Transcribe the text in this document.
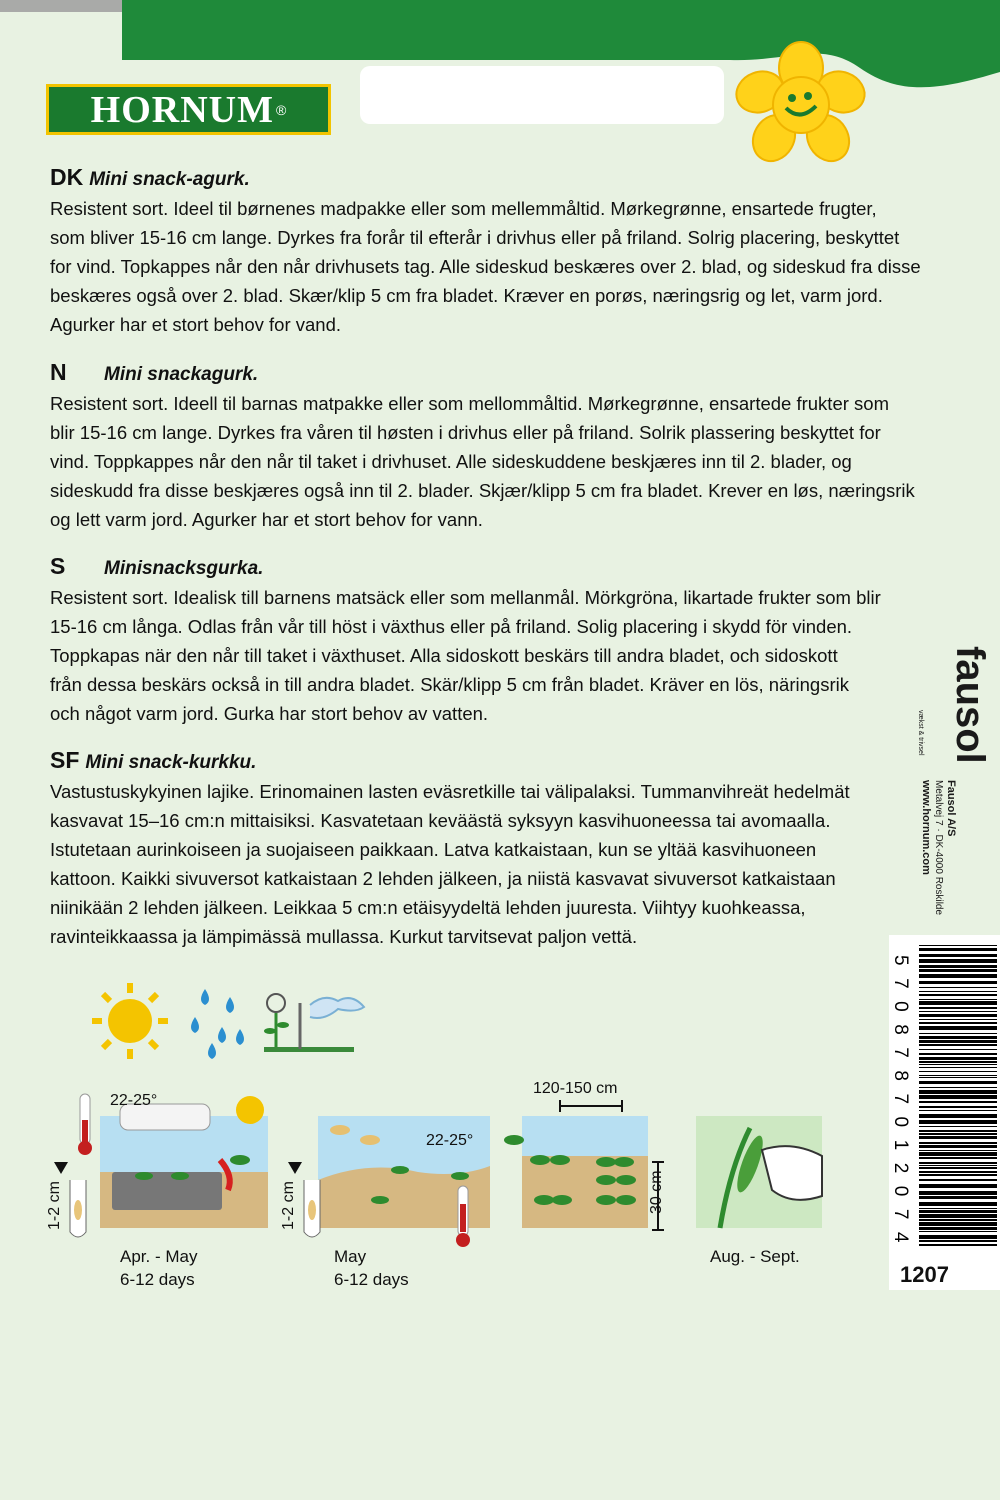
HORNUM ®
DK Mini snack-agurk.

Resistent sort. Ideel til børnenes madpakke eller som mellemmåltid. Mørkegrønne, ensartede frugter,
som bliver 15-16 cm lange. Dyrkes fra forår til efterår i drivhus eller på friland. Solrig placering, beskyttet
for vind. Topkappes når den når drivhusets tag. Alle sideskud beskæres over 2. blad, og sideskud fra disse
beskæres også over 2. blad. Skær/klip 5 cm fra bladet. Kræver en porøs, næringsrig og let, varm jord.
Agurker har et stort behov for vand.

N Mini snackagurk.

Resistent sort. Ideell til barnas matpakke eller som mellommåltid. Mørkegrønne, ensartede frukter som
blir 15-16 cm lange. Dyrkes fra våren til høsten i drivhus eller på friland. Solrik plassering beskyttet for
vind. Toppkappes når den når til taket i drivhuset. Alle sideskuddene beskjæres inn til 2. blader, og
sideskudd fra disse beskjæres også inn til 2. blader. Skjær/klipp 5 cm fra bladet. Krever en løs, næringsrik
og lett varm jord. Agurker har et stort behov for vann.

S Minisnacksgurka.

Resistent sort. Idealisk till barnens matsäck eller som mellanmål. Mörkgröna, likartade frukter som blir
15-16 cm långa. Odlas från vår till höst i växthus eller på friland. Solig placering i skydd för vinden.
Toppkapas när den når till taket i växthuset. Alla sidoskott beskärs till andra bladet, och sidoskott
från dessa beskärs också in till andra bladet. Skär/klipp 5 cm från bladet. Kräver en lös, näringsrik
och något varm jord. Gurka har stort behov av vatten.

SF Mini snack-kurkku.

Vastustuskykyinen lajike. Erinomainen lasten eväsretkille tai välipalaksi. Tummanvihreät hedelmät
kasvavat 15–16 cm:n mittaisiksi. Kasvatetaan keväästä syksyyn kasvihuoneessa tai avomaalla.
Istutetaan aurinkoiseen ja suojaiseen paikkaan. Latva katkaistaan, kun se yltää kasvihuoneen
kattoon. Kaikki sivuversot katkaistaan 2 lehden jälkeen, ja niistä kasvavat sivuversot katkaistaan
niinikään 2 lehden jälkeen. Leikkaa 5 cm:n etäisyydeltä lehden juuresta. Viihtyy kuohkeassa,
ravinteikkaassa ja lämpimässä mullassa. Kurkut tarvitsevat paljon vettä.

fausol
vækst & trivsel
Fausol A/S
Metalvej 7 · DK-4000 Roskilde
www.hornum.com
5
7
0
8
7
8
7
0
1
2
0
7
4
1207
22-25°
22-25°
120-150 cm
30 cm
1-2 cm	1-2 cm
Apr. - May
6-12 days
May
6-12 days
Aug. - Sept.
